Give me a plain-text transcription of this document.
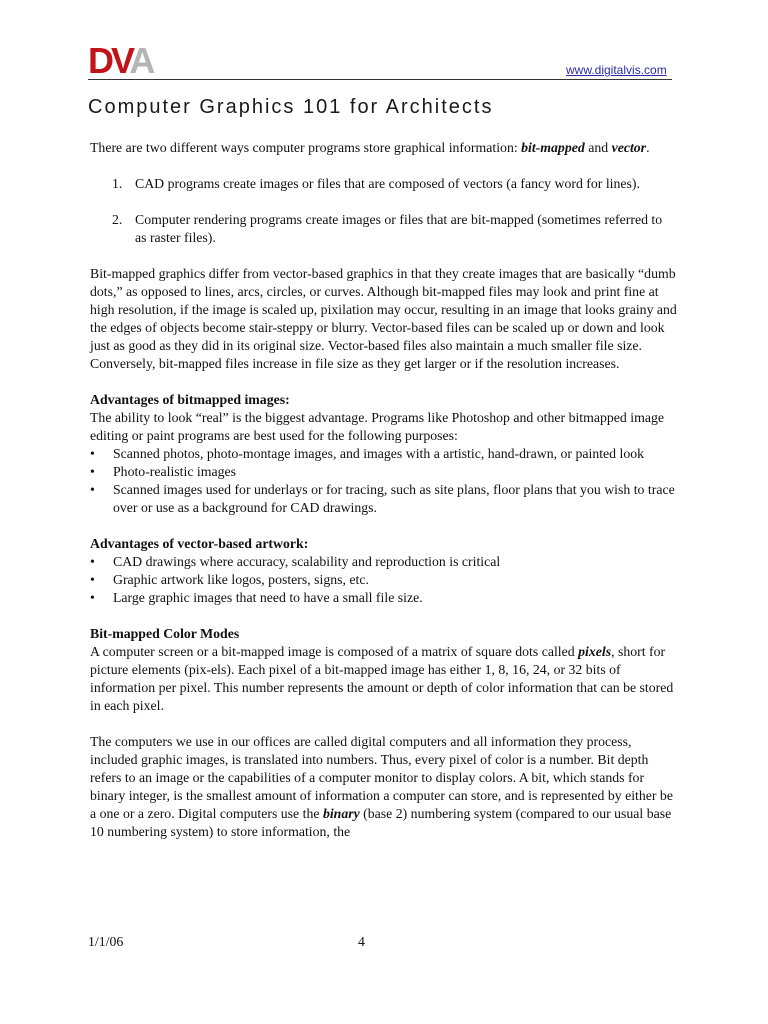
DVA	www.digitalvis.com
Computer Graphics 101 for Architects

There are two different ways computer programs store graphical information: bit-mapped and vector.

1. CAD programs create images or files that are composed of vectors (a fancy word for lines).
2. Computer rendering programs create images or files that are bit-mapped (sometimes referred to as raster files).

Bit-mapped graphics differ from vector-based graphics in that they create images that are basically “dumb dots,” as opposed to lines, arcs, circles, or curves. Although bit-mapped files may look and print fine at high resolution, if the image is scaled up, pixilation may occur, resulting in an image that looks grainy and the edges of objects become stair-steppy or blurry. Vector-based files can be scaled up or down and look just as good as they did in its original size. Vector-based files also maintain a much smaller file size. Conversely, bit-mapped files increase in file size as they get larger or if the resolution increases.

Advantages of bitmapped images:

The ability to look “real” is the biggest advantage. Programs like Photoshop and other bitmapped image editing or paint programs are best used for the following purposes:

• Scanned photos, photo-montage images, and images with a artistic, hand-drawn, or painted look
• Photo-realistic images
• Scanned images used for underlays or for tracing, such as site plans, floor plans that you wish to trace over or use as a background for CAD drawings.

Advantages of vector-based artwork:

• CAD drawings where accuracy, scalability and reproduction is critical
• Graphic artwork like logos, posters, signs, etc.
• Large graphic images that need to have a small file size.

Bit-mapped Color Modes

A computer screen or a bit-mapped image is composed of a matrix of square dots called pixels, short for picture elements (pix-els). Each pixel of a bit-mapped image has either 1, 8, 16, 24, or 32 bits of information per pixel. This number represents the amount or depth of color information that can be stored in each pixel.

The computers we use in our offices are called digital computers and all information they process, included graphic images, is translated into numbers. Thus, every pixel of color is a number. Bit depth refers to an image or the capabilities of a computer monitor to display colors. A bit, which stands for binary integer, is the smallest amount of information a computer can store, and is represented by either be a one or a zero. Digital computers use the binary (base 2) numbering system (compared to our usual base 10 numbering system) to store information, the

1/1/06	4
